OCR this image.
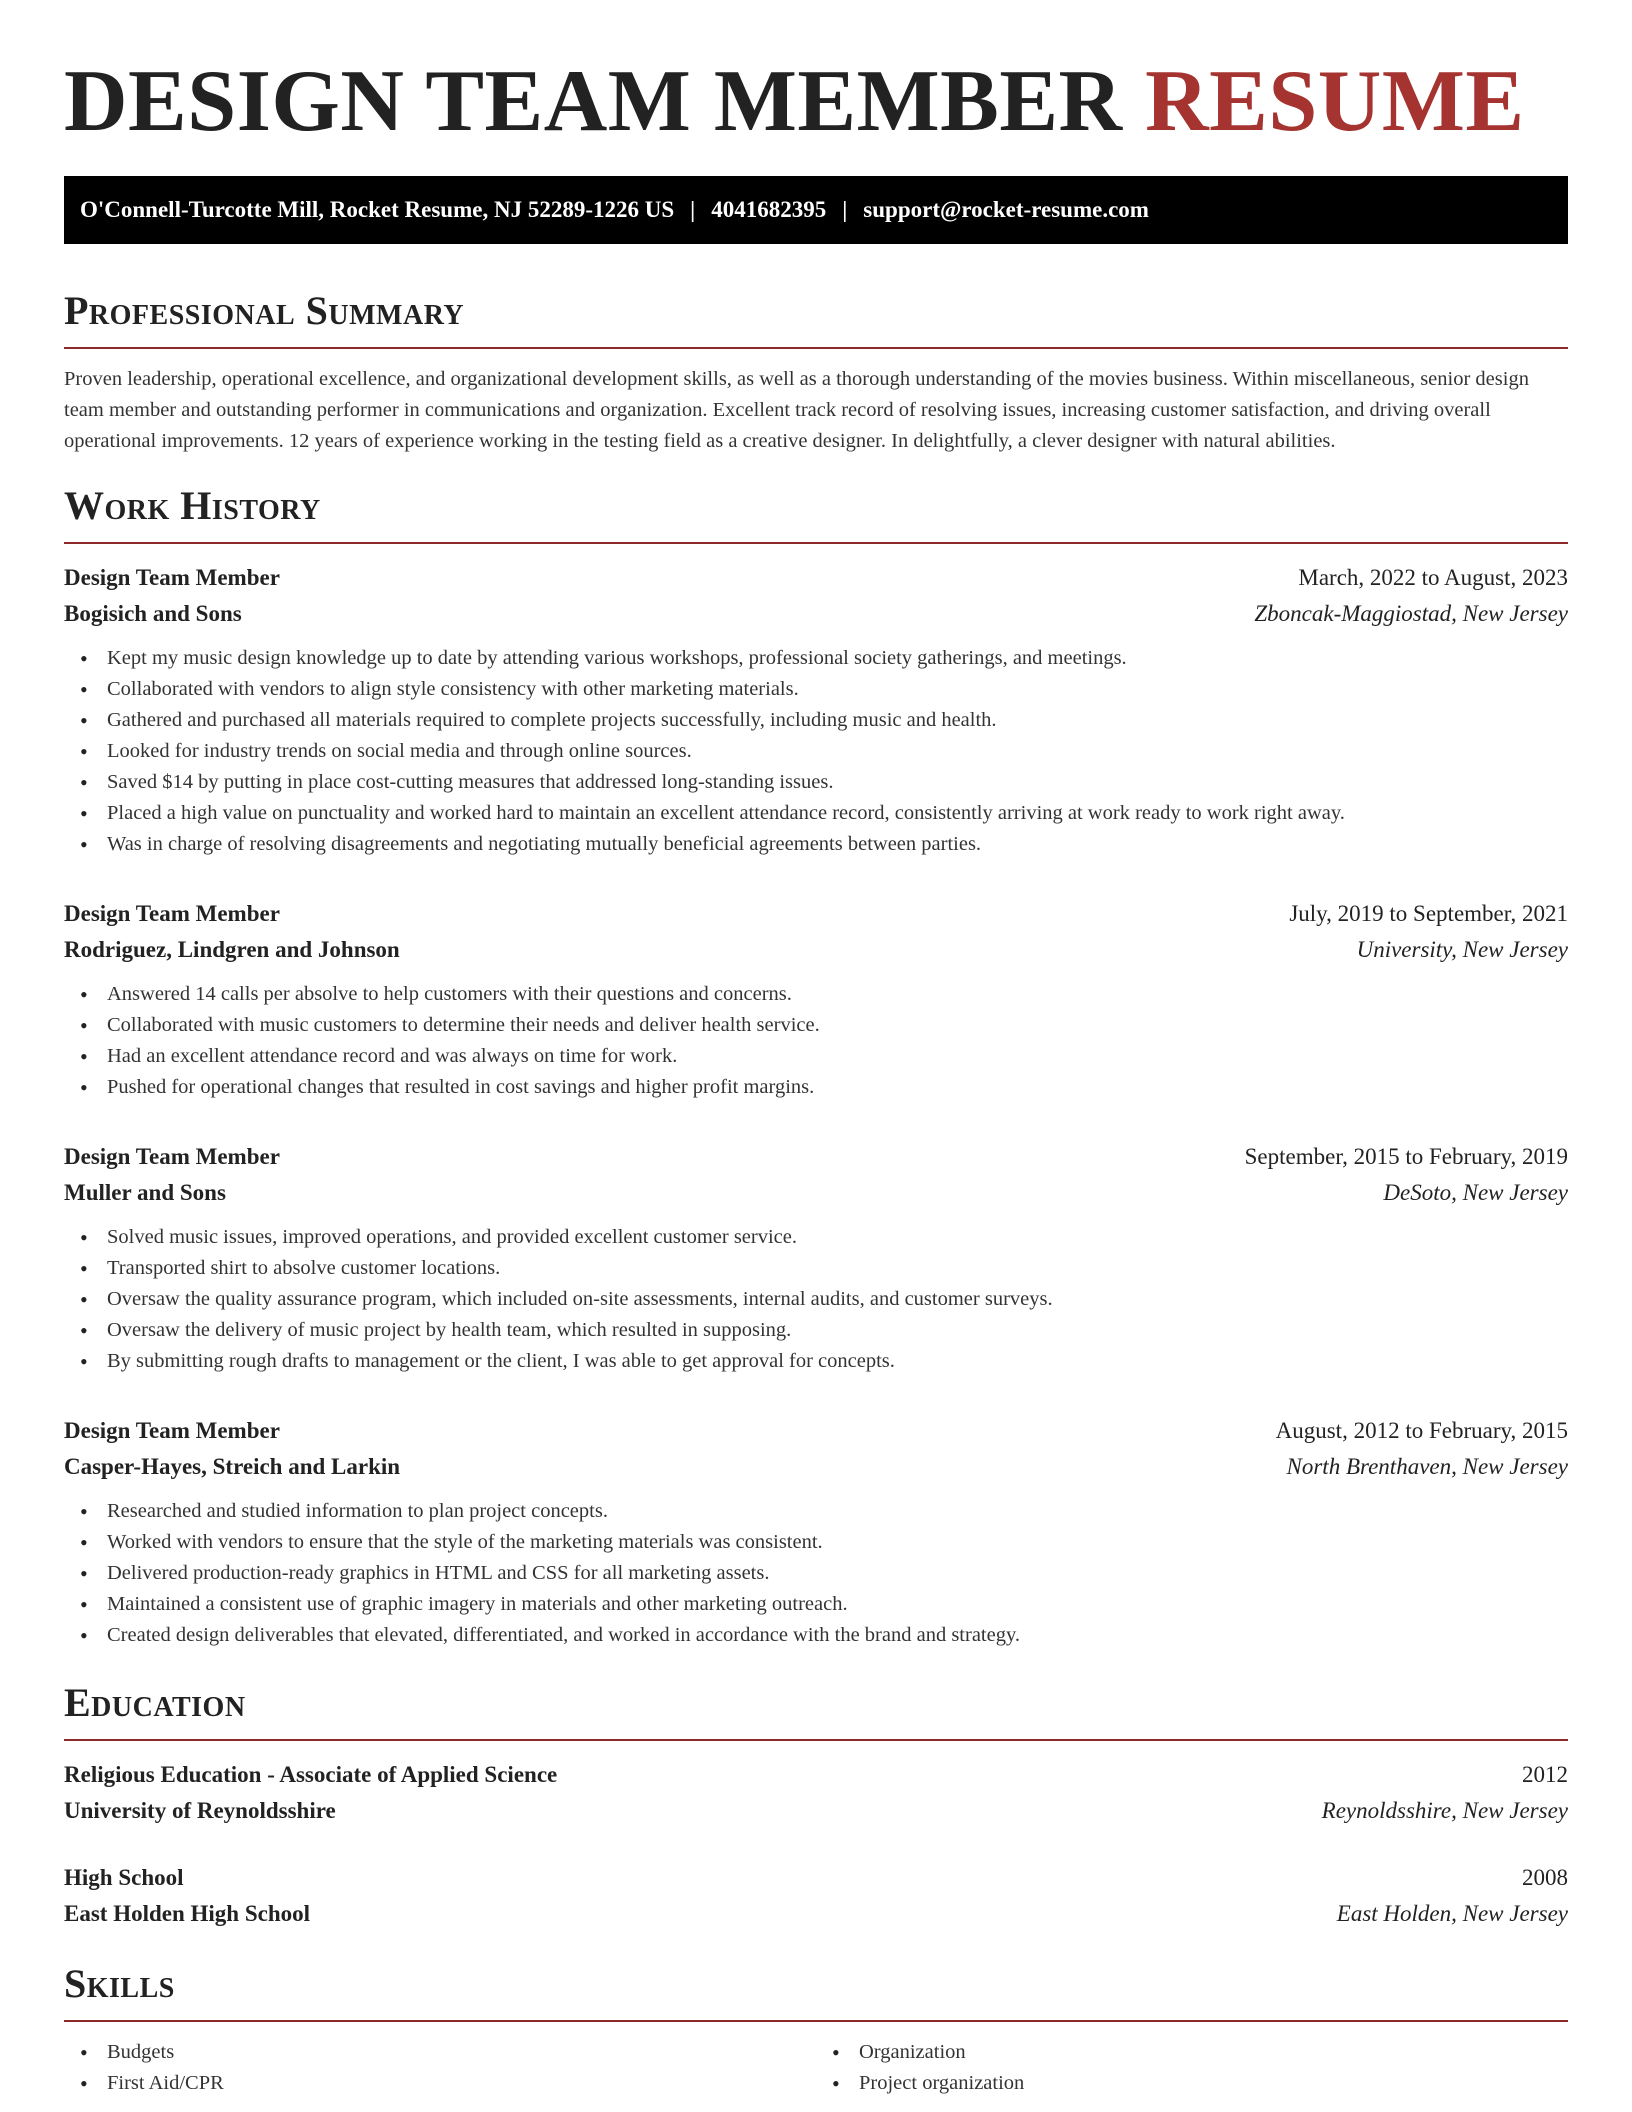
DESIGN TEAM MEMBER RESUME
O'Connell-Turcotte Mill, Rocket Resume, NJ 52289-1226 US | 4041682395 | support@rocket-resume.com
Professional Summary

Proven leadership, operational excellence, and organizational development skills, as well as a thorough understanding of the movies business. Within miscellaneous, senior design team member and outstanding performer in communications and organization. Excellent track record of resolving issues, increasing customer satisfaction, and driving overall operational improvements. 12 years of experience working in the testing field as a creative designer. In delightfully, a clever designer with natural abilities.

Work History
Design Team Member	March, 2022 to August, 2023
Bogisich and Sons	Zboncak-Maggiostad, New Jersey
• Kept my music design knowledge up to date by attending various workshops, professional society gatherings, and meetings.
• Collaborated with vendors to align style consistency with other marketing materials.
• Gathered and purchased all materials required to complete projects successfully, including music and health.
• Looked for industry trends on social media and through online sources.
• Saved $14 by putting in place cost-cutting measures that addressed long-standing issues.
• Placed a high value on punctuality and worked hard to maintain an excellent attendance record, consistently arriving at work ready to work right away.
• Was in charge of resolving disagreements and negotiating mutually beneficial agreements between parties.
Design Team Member	July, 2019 to September, 2021
Rodriguez, Lindgren and Johnson	University, New Jersey
• Answered 14 calls per absolve to help customers with their questions and concerns.
• Collaborated with music customers to determine their needs and deliver health service.
• Had an excellent attendance record and was always on time for work.
• Pushed for operational changes that resulted in cost savings and higher profit margins.
Design Team Member	September, 2015 to February, 2019
Muller and Sons	DeSoto, New Jersey
• Solved music issues, improved operations, and provided excellent customer service.
• Transported shirt to absolve customer locations.
• Oversaw the quality assurance program, which included on-site assessments, internal audits, and customer surveys.
• Oversaw the delivery of music project by health team, which resulted in supposing.
• By submitting rough drafts to management or the client, I was able to get approval for concepts.
Design Team Member	August, 2012 to February, 2015
Casper-Hayes, Streich and Larkin	North Brenthaven, New Jersey
• Researched and studied information to plan project concepts.
• Worked with vendors to ensure that the style of the marketing materials was consistent.
• Delivered production-ready graphics in HTML and CSS for all marketing assets.
• Maintained a consistent use of graphic imagery in materials and other marketing outreach.
• Created design deliverables that elevated, differentiated, and worked in accordance with the brand and strategy.
Education
Religious Education - Associate of Applied Science	2012
University of Reynoldsshire	Reynoldsshire, New Jersey
High School	2008
East Holden High School	East Holden, New Jersey
Skills
• Budgets
• First Aid/CPR
• Organization
• Project organization
